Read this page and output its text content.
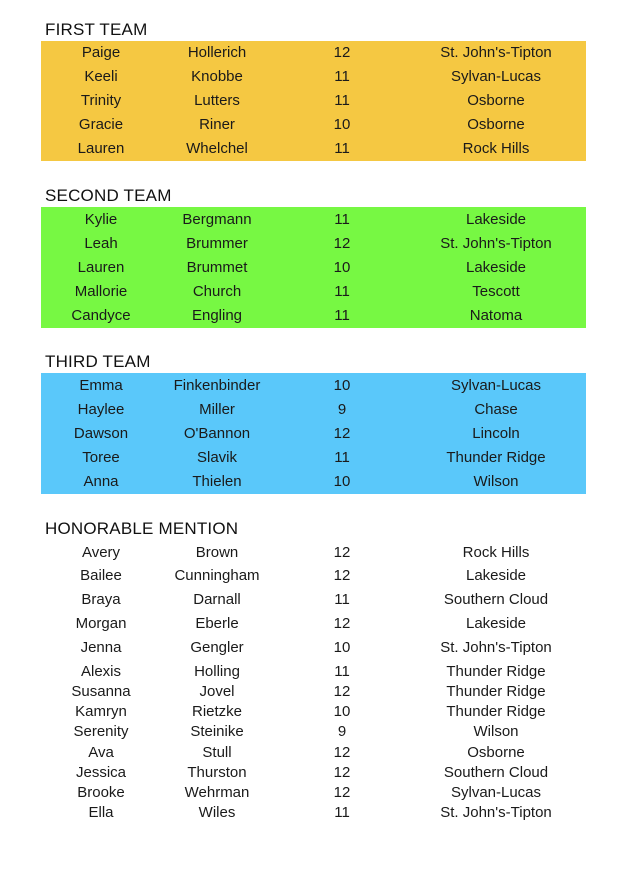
FIRST TEAM
Paige	Hollerich	12	St. John's-Tipton
Keeli	Knobbe	11	Sylvan-Lucas
Trinity	Lutters	11	Osborne
Gracie	Riner	10	Osborne
Lauren	Whelchel	11	Rock Hills
SECOND TEAM
Kylie	Bergmann	11	Lakeside
Leah	Brummer	12	St. John's-Tipton
Lauren	Brummet	10	Lakeside
Mallorie	Church	11	Tescott
Candyce	Engling	11	Natoma
THIRD TEAM
Emma	Finkenbinder	10	Sylvan-Lucas
Haylee	Miller	9	Chase
Dawson	O'Bannon	12	Lincoln
Toree	Slavik	11	Thunder Ridge
Anna	Thielen	10	Wilson
HONORABLE MENTION
Avery	Brown	12	Rock Hills
Bailee	Cunningham	12	Lakeside
Braya	Darnall	11	Southern Cloud
Morgan	Eberle	12	Lakeside
Jenna	Gengler	10	St. John's-Tipton
Alexis	Holling	11	Thunder Ridge
Susanna	Jovel	12	Thunder Ridge
Kamryn	Rietzke	10	Thunder Ridge
Serenity	Steinike	9	Wilson
Ava	Stull	12	Osborne
Jessica	Thurston	12	Southern Cloud
Brooke	Wehrman	12	Sylvan-Lucas
Ella	Wiles	11	St. John's-Tipton
